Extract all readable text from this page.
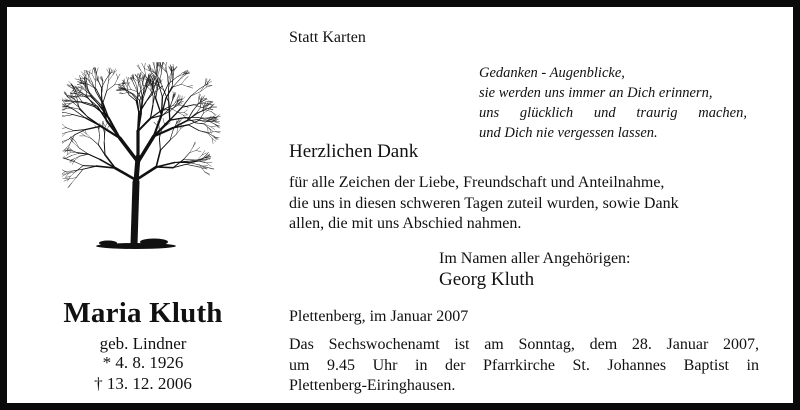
Maria Kluth
geb. Lindner
* 4. 8. 1926
† 13. 12. 2006
Statt Karten
Gedanken - Augenblicke,
sie werden uns immer an Dich erinnern,
uns glücklich und traurig machen,
und Dich nie vergessen lassen.
Herzlichen Dank
für alle Zeichen der Liebe, Freundschaft und Anteilnahme,
die uns in diesen schweren Tagen zuteil wurden, sowie Dank
allen, die mit uns Abschied nahmen.
Im Namen aller Angehörigen:
Georg Kluth
Plettenberg, im Januar 2007
Das Sechswochenamt ist am Sonntag, dem 28. Januar 2007,
um 9.45 Uhr in der Pfarrkirche St. Johannes Baptist in
Plettenberg-Eiringhausen.
